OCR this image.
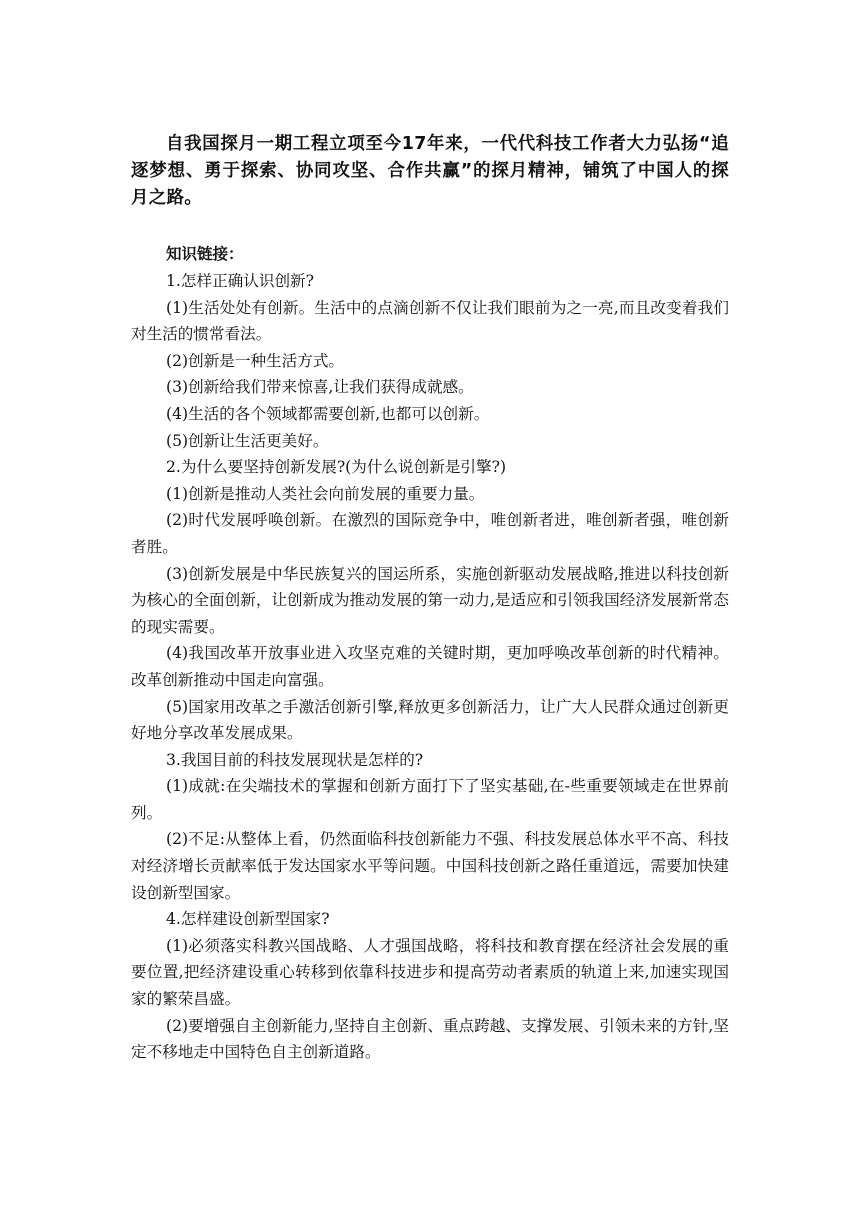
自我国探月一期工程立项至今17年来，一代代科技工作者大力弘扬“追逐梦想、勇于探索、协同攻坚、合作共赢”的探月精神，铺筑了中国人的探月之路。

知识链接：

1.怎样正确认识创新?

(1)生活处处有创新。生活中的点滴创新不仅让我们眼前为之一亮,而且改变着我们对生活的惯常看法。

(2)创新是一种生活方式。

(3)创新给我们带来惊喜,让我们获得成就感。

(4)生活的各个领域都需要创新,也都可以创新。

(5)创新让生活更美好。

2.为什么要坚持创新发展?(为什么说创新是引擎?)

(1)创新是推动人类社会向前发展的重要力量。

(2)时代发展呼唤创新。在激烈的国际竞争中，唯创新者进，唯创新者强，唯创新者胜。

(3)创新发展是中华民族复兴的国运所系，实施创新驱动发展战略,推进以科技创新为核心的全面创新，让创新成为推动发展的第一动力,是适应和引领我国经济发展新常态的现实需要。

(4)我国改革开放事业进入攻坚克难的关键时期，更加呼唤改革创新的时代精神。改革创新推动中国走向富强。

(5)国家用改革之手激活创新引擎,释放更多创新活力，让广大人民群众通过创新更好地分享改革发展成果。

3.我国目前的科技发展现状是怎样的?

(1)成就:在尖端技术的掌握和创新方面打下了坚实基础,在-些重要领域走在世界前列。

(2)不足:从整体上看，仍然面临科技创新能力不强、科技发展总体水平不高、科技对经济增长贡献率低于发达国家水平等问题。中国科技创新之路任重道远，需要加快建设创新型国家。

4.怎样建设创新型国家?

(1)必须落实科教兴国战略、人才强国战略，将科技和教育摆在经济社会发展的重要位置,把经济建设重心转移到依靠科技进步和提高劳动者素质的轨道上来,加速实现国家的繁荣昌盛。

(2)要增强自主创新能力,坚持自主创新、重点跨越、支撑发展、引领未来的方针,坚定不移地走中国特色自主创新道路。
